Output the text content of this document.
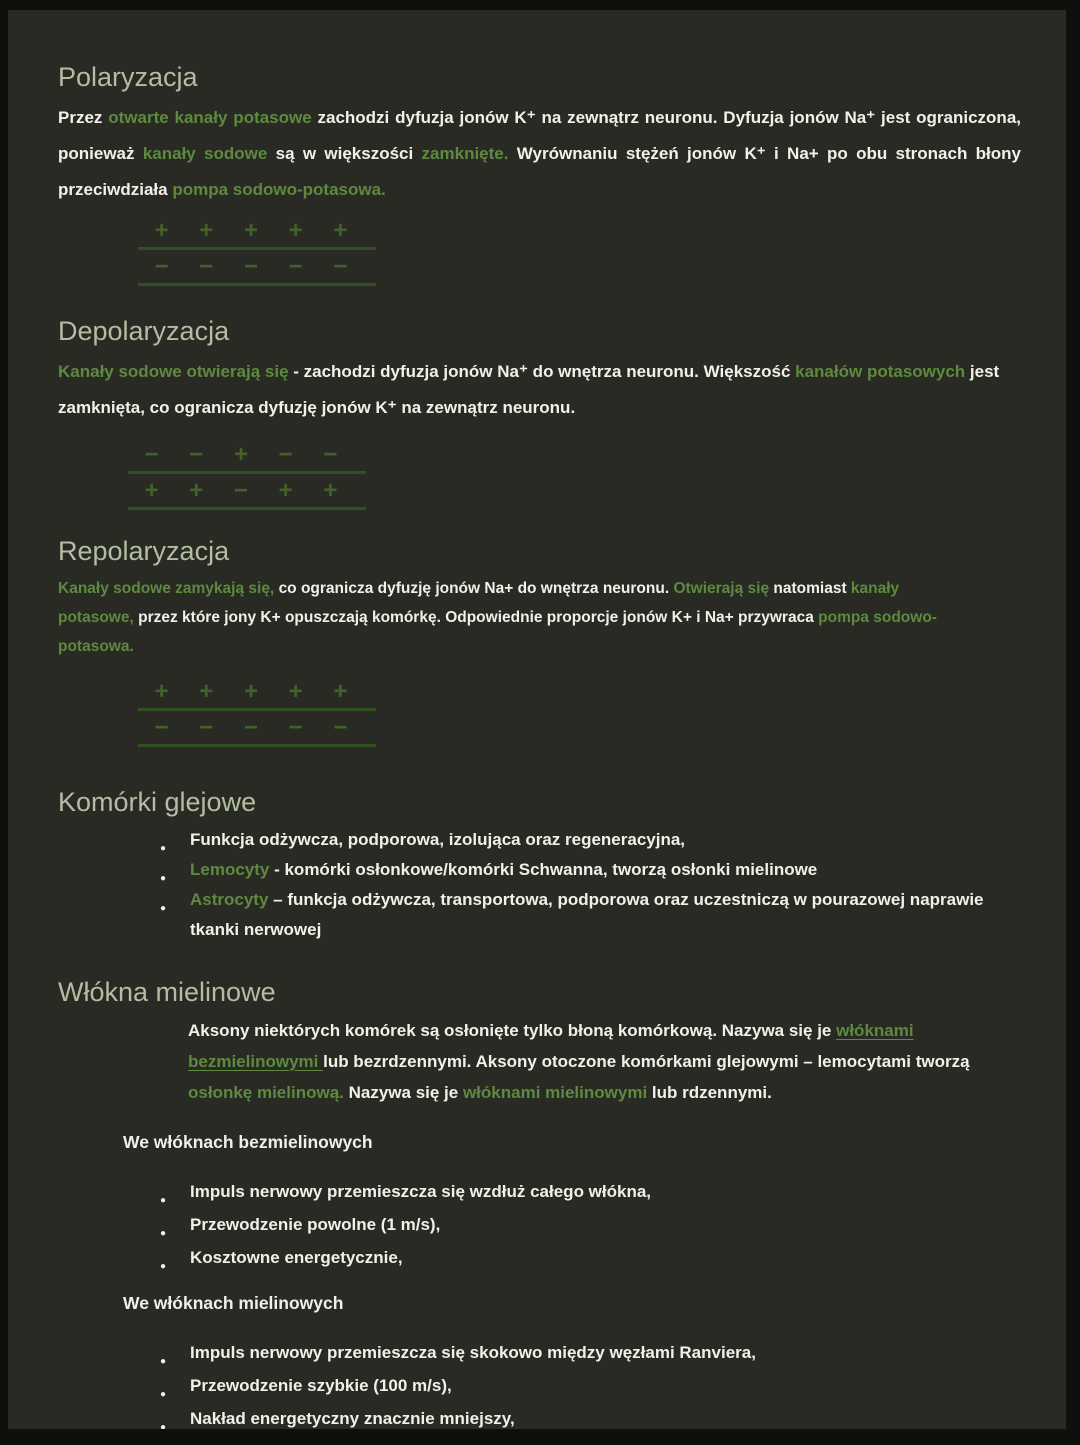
Polaryzacja

Przez otwarte kanały potasowe zachodzi dyfuzja jonów K⁺ na zewnątrz neuronu. Dyfuzja jonów Na⁺ jest ograniczona, ponieważ kanały sodowe są w większości zamknięte. Wyrównaniu stężeń jonów K⁺ i Na+ po obu stronach błony przeciwdziała pompa sodowo-potasowa.

+ + + + +
− − − − −
Depolaryzacja

Kanały sodowe otwierają się - zachodzi dyfuzja jonów Na⁺ do wnętrza neuronu. Większość kanałów potasowych jest zamknięta, co ogranicza dyfuzję jonów K⁺ na zewnątrz neuronu.

− − + − −
+ + − + +
Repolaryzacja

Kanały sodowe zamykają się, co ogranicza dyfuzję jonów Na+ do wnętrza neuronu. Otwierają się natomiast kanały potasowe, przez które jony K+ opuszczają komórkę. Odpowiednie proporcje jonów K+ i Na+ przywraca pompa sodowo-potasowa.

+ + + + +
− − − − −
Komórki glejowe
● Funkcja odżywcza, podporowa, izolująca oraz regeneracyjna,
● Lemocyty - komórki osłonkowe/komórki Schwanna, tworzą osłonki mielinowe
● Astrocyty – funkcja odżywcza, transportowa, podporowa oraz uczestniczą w pourazowej naprawie tkanki nerwowej
Włókna mielinowe

Aksony niektórych komórek są osłonięte tylko błoną komórkową. Nazywa się je włóknami bezmielinowymi lub bezrdzennymi. Aksony otoczone komórkami glejowymi – lemocytami tworzą osłonkę mielinową. Nazywa się je włóknami mielinowymi lub rdzennymi.

We włóknach bezmielinowych
● Impuls nerwowy przemieszcza się wzdłuż całego włókna,
● Przewodzenie powolne (1 m/s),
● Kosztowne energetycznie,
We włóknach mielinowych
● Impuls nerwowy przemieszcza się skokowo między węzłami Ranviera,
● Przewodzenie szybkie (100 m/s),
● Nakład energetyczny znacznie mniejszy,
